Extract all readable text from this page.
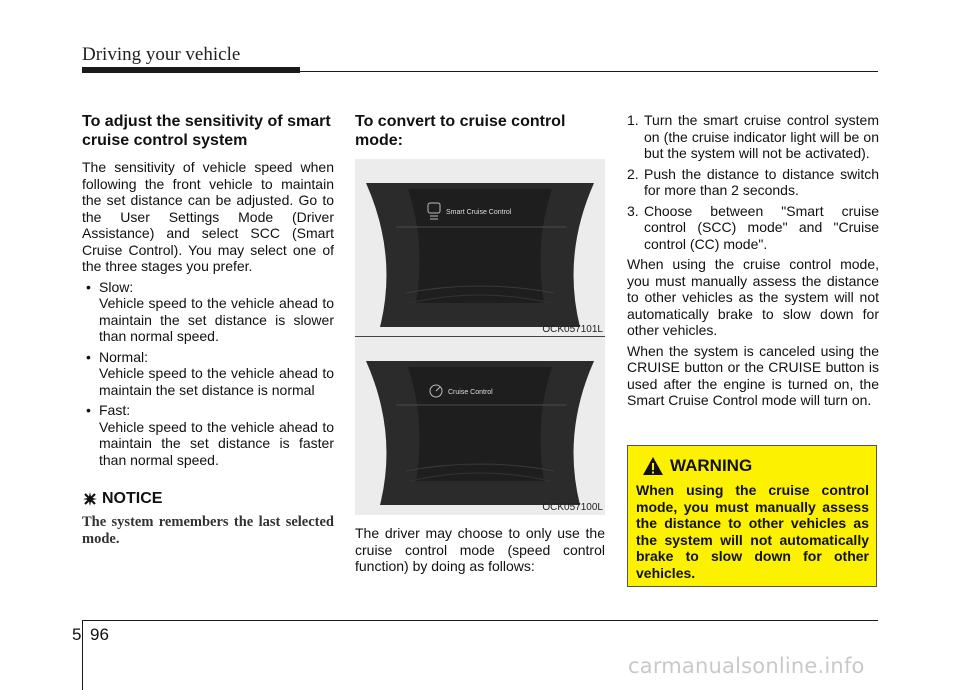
Driving your vehicle
To adjust the sensitivity of smart cruise control system

The sensitivity of vehicle speed when following the front vehicle to maintain the set distance can be adjusted. Go to the User Settings Mode (Driver Assistance) and select SCC (Smart Cruise Control). You may select one of the three stages you prefer.

• Slow:
Vehicle speed to the vehicle ahead to maintain the set distance is slower than normal speed.
• Normal:
Vehicle speed to the vehicle ahead to maintain the set distance is normal
• Fast:
Vehicle speed to the vehicle ahead to maintain the set distance is faster than normal speed.
NOTICE
The system remembers the last selected mode.
To convert to cruise control mode:
Smart Cruise Control
OCK057101L
Cruise Control
OCK057100L

The driver may choose to only use the cruise control mode (speed control function) by doing as follows:

1. Turn the smart cruise control system on (the cruise indicator light will be on but the system will not be activated).
2. Push the distance to distance switch for more than 2 seconds.
3. Choose between "Smart cruise control (SCC) mode" and "Cruise control (CC) mode".

When using the cruise control mode, you must manually assess the distance to other vehicles as the system will not automatically brake to slow down for other vehicles.

When the system is canceled using the CRUISE button or the CRUISE button is used after the engine is turned on, the Smart Cruise Control mode will turn on.

WARNING
When using the cruise control mode, you must manually assess the distance to other vehicles as the system will not automatically brake to slow down for other vehicles.
5 96
carmanualsonline.info
